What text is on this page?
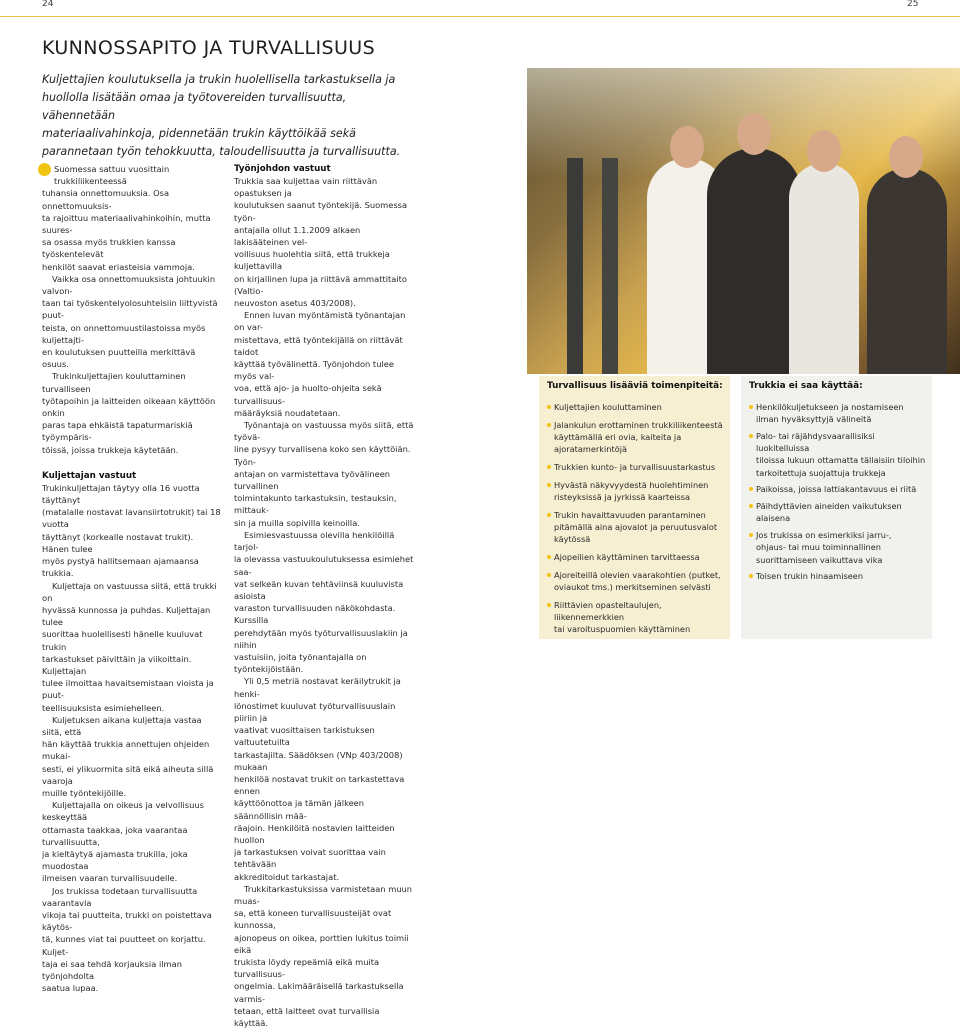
24	25
KUNNOSSAPITO JA TURVALLISUUS
Kuljettajien koulutuksella ja trukin huolellisella tarkastuksella ja
huollolla lisätään omaa ja työtovereiden turvallisuutta, vähennetään
materiaalivahinkoja, pidennetään trukin käyttöikää sekä
parannetaan työn tehokkuutta, taloudellisuutta ja turvallisuutta.

Suomessa sattuu vuosittain trukkiliikenteessä

tuhansia onnettomuuksia. Osa onnettomuuksis-

ta rajoittuu materiaalivahinkoihin, mutta suures-

sa osassa myös trukkien kanssa työskentelevät

henkilöt saavat eriasteisia vammoja.

Vaikka osa onnettomuuksista johtuukin valvon-

taan tai työskentelyolosuhteisiin liittyvistä puut-

teista, on onnettomuustilastoissa myös kuljettajti-

en koulutuksen puutteilla merkittävä osuus.

Trukinkuljettajien kouluttaminen turvalliseen

työtapoihin ja laitteiden oikeaan käyttöön onkin

paras tapa ehkäistä tapaturmariskiä työympäris-

töissä, joissa trukkeja käytetään.

Kuljettajan vastuut

Trukinkuljettajan täytyy olla 16 vuotta täyttänyt

(matalalle nostavat lavansiirtotrukit) tai 18 vuotta

täyttänyt (korkealle nostavat trukit). Hänen tulee

myös pystyä hallitsemaan ajamaansa trukkia.

Kuljettaja on vastuussa siitä, että trukki on

hyvässä kunnossa ja puhdas. Kuljettajan tulee

suorittaa huolellisesti hänelle kuuluvat trukin

tarkastukset päivittäin ja viikoittain. Kuljettajan

tulee ilmoittaa havaitsemistaan vioista ja puut-

teellisuuksista esimiehelleen.

Kuljetuksen aikana kuljettaja vastaa siitä, että

hän käyttää trukkia annettujen ohjeiden mukai-

sesti, ei ylikuormita sitä eikä aiheuta sillä vaaroja

muille työntekijöille.

Kuljettajalla on oikeus ja velvollisuus keskeyttää

ottamasta taakkaa, joka vaarantaa turvallisuutta,

ja kieltäytyä ajamasta trukilla, joka muodostaa

ilmeisen vaaran turvallisuudelle.

Jos trukissa todetaan turvallisuutta vaarantavia

vikoja tai puutteita, trukki on poistettava käytös-

tä, kunnes viat tai puutteet on korjattu. Kuljet-

taja ei saa tehdä korjauksia ilman työnjohdolta

saatua lupaa.

Työnjohdon vastuut

Trukkia saa kuljettaa vain riittävän opastuksen ja

koulutuksen saanut työntekijä. Suomessa työn-

antajalla ollut 1.1.2009 alkaen lakisääteinen vel-

vollisuus huolehtia siitä, että trukkeja kuljettavilla

on kirjallinen lupa ja riittävä ammattitaito (Valtio-

neuvoston asetus 403/2008).

Ennen luvan myöntämistä työnantajan on var-

mistettava, että työntekijällä on riittävät taidot

käyttää työvälinettä. Työnjohdon tulee myös val-

voa, että ajo- ja huolto-ohjeita sekä turvallisuus-

määräyksiä noudatetaan.

Työnantaja on vastuussa myös siitä, että työvä-

line pysyy turvallisena koko sen käyttöiän. Työn-

antajan on varmistettava työvälineen turvallinen

toimintakunto tarkastuksin, testauksin, mittauk-

sin ja muilla sopivilla keinoilla.

Esimiesvastuussa olevilla henkilöillä tarjol-

la olevassa vastuukoulutuksessa esimiehet saa-

vat selkeän kuvan tehtäviinsä kuuluvista asioista

varaston turvallisuuden näkökohdasta. Kurssilla

perehdytään myös työturvallisuuslakiin ja niihin

vastuisiin, joita työnantajalla on työntekijöistään.

Yli 0,5 metriä nostavat keräilytrukit ja henki-

lönostimet kuuluvat työturvallisuuslain piiriin ja

vaativat vuosittaisen tarkistuksen valtuutetuilta

tarkastajilta. Säädöksen (VNp 403/2008) mukaan

henkilöä nostavat trukit on tarkastettava ennen

käyttöönottoa ja tämän jälkeen säännöllisin mää-

räajoin. Henkilöitä nostavien laitteiden huollon

ja tarkastuksen voivat suorittaa vain tehtävään

akkreditoidut tarkastajat.

Trukkitarkastuksissa varmistetaan muun muas-

sa, että koneen turvallisuusteijät ovat kunnossa,

ajonopeus on oikea, porttien lukitus toimii eikä

trukista löydy repeämiä eikä muita turvallisuus-

ongelmia. Lakimääräisellä tarkastuksella varmis-

tetaan, että laitteet ovat turvallisia käyttää.

Turvallisuus lisääviä toimenpiteitä:
Kuljettajien kouluttaminen
Jalankulun erottaminen trukkiliikenteestä
käyttämällä eri ovia, kaiteita ja
ajoratamerkintöjä
Trukkien kunto- ja turvallisuustarkastus
Hyvästä näkyvyydestä huolehtiminen
risteyksissä ja jyrkissä kaarteissa
Trukin havaittavuuden parantaminen
pitämällä aina ajovalot ja peruutusvalot
käytössä
Ajopeilien käyttäminen tarvittaessa
Ajoreiteillä olevien vaarakohtien (putket,
oviaukot tms.) merkitseminen selvästi
Riittävien opasteltaulujen, liikennemerkkien
tai varoituspuomien käyttäminen
Trukkia ei saa käyttää:
Henkilökuljetukseen ja nostamiseen
ilman hyväksyttyjä välineitä
Palo- tai räjähdysvaarallisiksi luokitelluissa
tiloissa lukuun ottamatta tällaisiin tiloihin
tarkoitettuja suojattuja trukkeja
Paikoissa, joissa lattiakantavuus ei riitä
Päihdyttävien aineiden vaikutuksen alaisena
Jos trukissa on esimerkiksi jarru-,
ohjaus- tai muu toiminnallinen
suorittamiseen vaikuttava vika
Toisen trukin hinaamiseen
